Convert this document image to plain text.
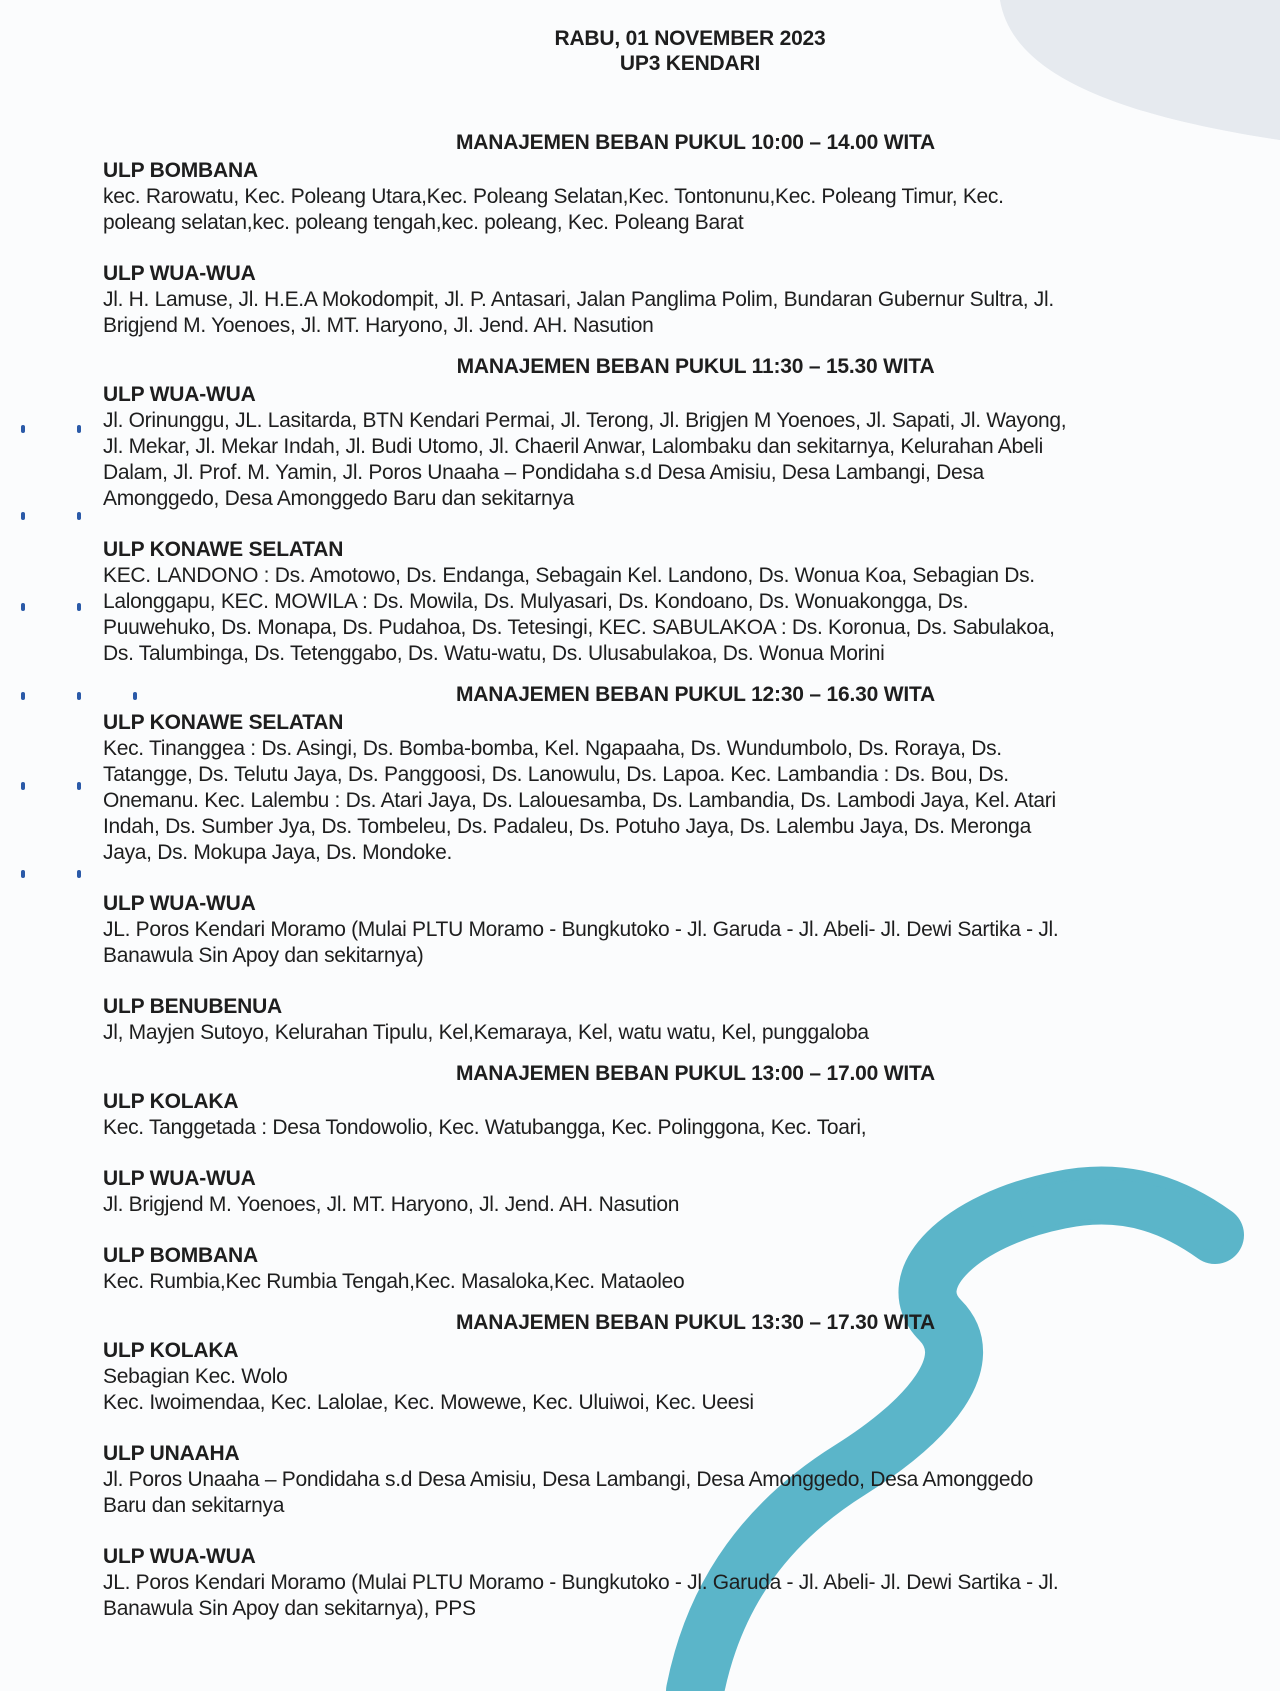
RABU, 01 NOVEMBER 2023
UP3 KENDARI
MANAJEMEN BEBAN PUKUL 10:00 – 14.00 WITA
ULP BOMBANA
kec. Rarowatu, Kec. Poleang Utara,Kec. Poleang Selatan,Kec. Tontonunu,Kec. Poleang Timur, Kec.
poleang selatan,kec. poleang tengah,kec. poleang, Kec. Poleang Barat
ULP WUA-WUA
Jl. H. Lamuse, Jl. H.E.A Mokodompit, Jl. P. Antasari, Jalan Panglima Polim, Bundaran Gubernur Sultra, Jl.
Brigjend M. Yoenoes, Jl. MT. Haryono, Jl. Jend. AH. Nasution
MANAJEMEN BEBAN PUKUL 11:30 – 15.30 WITA
ULP WUA-WUA
Jl. Orinunggu, JL. Lasitarda, BTN Kendari Permai, Jl. Terong, Jl. Brigjen M Yoenoes, Jl. Sapati, Jl. Wayong,
Jl. Mekar, Jl. Mekar Indah, Jl. Budi Utomo, Jl. Chaeril Anwar, Lalombaku dan sekitarnya, Kelurahan Abeli
Dalam, Jl. Prof. M. Yamin, Jl. Poros Unaaha – Pondidaha s.d Desa Amisiu, Desa Lambangi, Desa
Amonggedo, Desa Amonggedo Baru dan sekitarnya
ULP KONAWE SELATAN
KEC. LANDONO : Ds. Amotowo, Ds. Endanga, Sebagain Kel. Landono, Ds. Wonua Koa, Sebagian Ds.
Lalonggapu, KEC. MOWILA : Ds. Mowila, Ds. Mulyasari, Ds. Kondoano, Ds. Wonuakongga, Ds.
Puuwehuko, Ds. Monapa, Ds. Pudahoa, Ds. Tetesingi, KEC. SABULAKOA : Ds. Koronua, Ds. Sabulakoa,
Ds. Talumbinga, Ds. Tetenggabo, Ds. Watu-watu, Ds. Ulusabulakoa, Ds. Wonua Morini
MANAJEMEN BEBAN PUKUL 12:30 – 16.30 WITA
ULP KONAWE SELATAN
Kec. Tinanggea : Ds. Asingi, Ds. Bomba-bomba, Kel. Ngapaaha, Ds. Wundumbolo, Ds. Roraya, Ds.
Tatangge, Ds. Telutu Jaya, Ds. Panggoosi, Ds. Lanowulu, Ds. Lapoa. Kec. Lambandia : Ds. Bou, Ds.
Onemanu. Kec. Lalembu : Ds. Atari Jaya, Ds. Lalouesamba, Ds. Lambandia, Ds. Lambodi Jaya, Kel. Atari
Indah, Ds. Sumber Jya, Ds. Tombeleu, Ds. Padaleu, Ds. Potuho Jaya, Ds. Lalembu Jaya, Ds. Meronga
Jaya, Ds. Mokupa Jaya, Ds. Mondoke.
ULP WUA-WUA
JL. Poros Kendari Moramo (Mulai PLTU Moramo - Bungkutoko - Jl. Garuda - Jl. Abeli- Jl. Dewi Sartika - Jl.
Banawula Sin Apoy dan sekitarnya)
ULP BENUBENUA
Jl, Mayjen Sutoyo, Kelurahan Tipulu, Kel,Kemaraya, Kel, watu watu, Kel, punggaloba
MANAJEMEN BEBAN PUKUL 13:00 – 17.00 WITA
ULP KOLAKA
Kec. Tanggetada : Desa Tondowolio, Kec. Watubangga, Kec. Polinggona, Kec. Toari,
ULP WUA-WUA
Jl. Brigjend M. Yoenoes, Jl. MT. Haryono, Jl. Jend. AH. Nasution
ULP BOMBANA
Kec. Rumbia,Kec Rumbia Tengah,Kec. Masaloka,Kec. Mataoleo
MANAJEMEN BEBAN PUKUL 13:30 – 17.30 WITA
ULP KOLAKA
Sebagian Kec. Wolo
Kec. Iwoimendaa, Kec. Lalolae, Kec. Mowewe, Kec. Uluiwoi, Kec. Ueesi
ULP UNAAHA
Jl. Poros Unaaha – Pondidaha s.d Desa Amisiu, Desa Lambangi, Desa Amonggedo, Desa Amonggedo
Baru dan sekitarnya
ULP WUA-WUA
JL. Poros Kendari Moramo (Mulai PLTU Moramo - Bungkutoko - Jl. Garuda - Jl. Abeli- Jl. Dewi Sartika - Jl.
Banawula Sin Apoy dan sekitarnya), PPS
